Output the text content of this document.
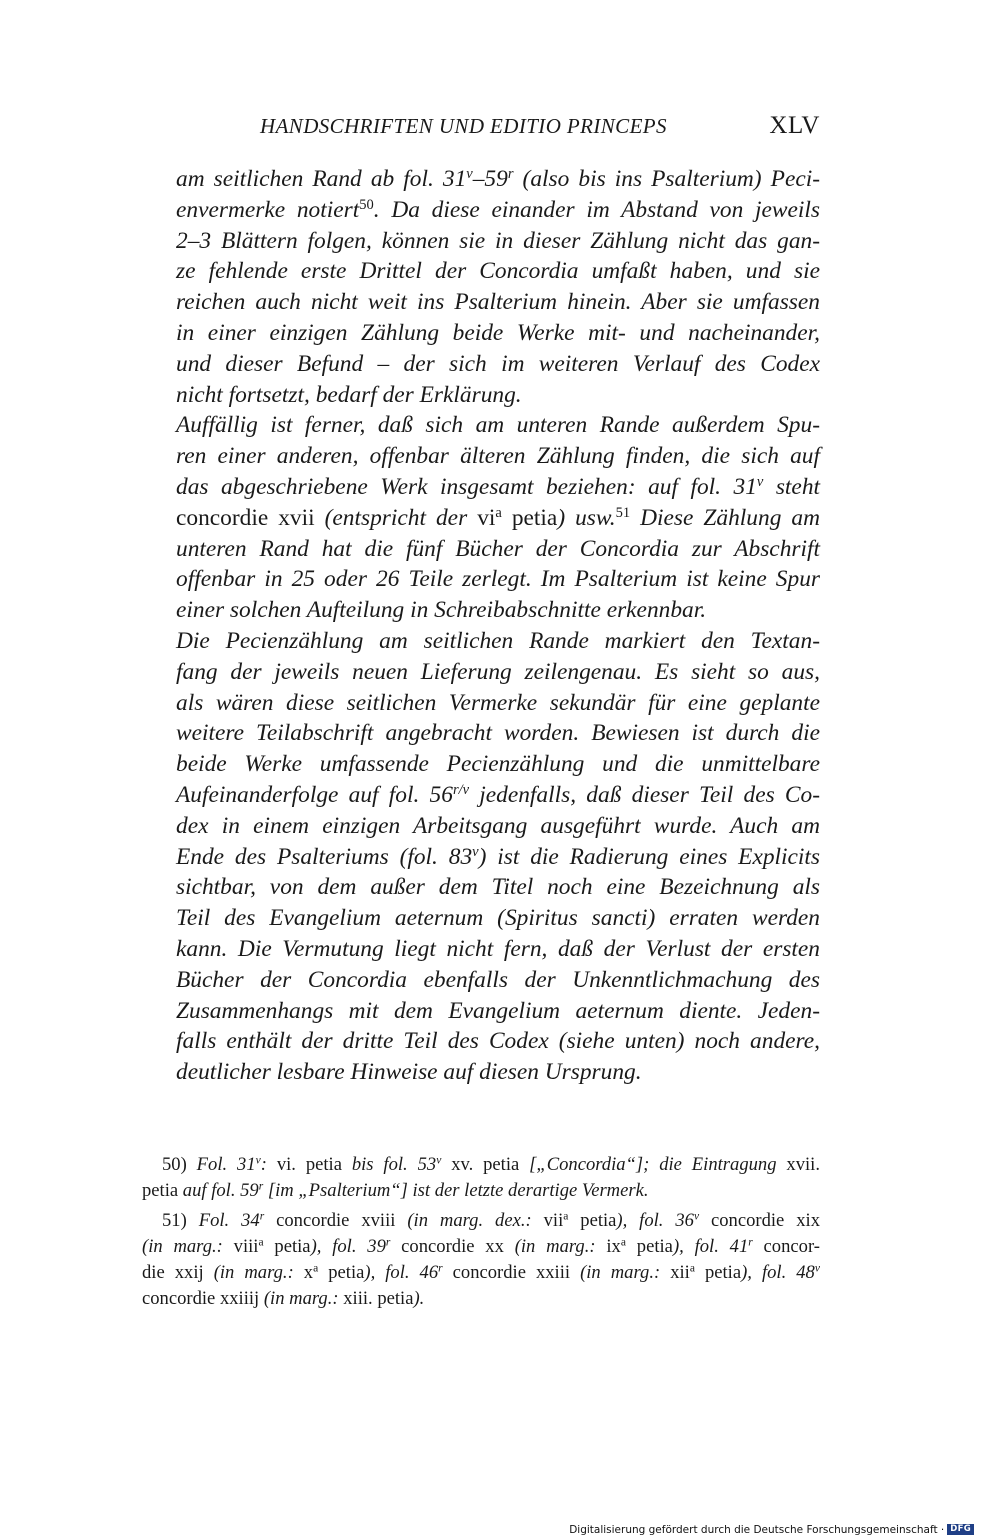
HANDSCHRIFTEN UND EDITIO PRINCEPS	XLV
am seitlichen Rand ab fol. 31$^v$–59$^r$ (also bis ins Psalterium) Peci-
envermerke notiert$^{50}$. Da diese einander im Abstand von jeweils
2–3 Blättern folgen, können sie in dieser Zählung nicht das gan-
ze fehlende erste Drittel der Concordia umfaßt haben, und sie
reichen auch nicht weit ins Psalterium hinein. Aber sie umfassen
in einer einzigen Zählung beide Werke mit- und nacheinander,
und dieser Befund – der sich im weiteren Verlauf des Codex
nicht fortsetzt, bedarf der Erklärung.
Auffällig ist ferner, daß sich am unteren Rande außerdem Spu-
ren einer anderen, offenbar älteren Zählung finden, die sich auf
das abgeschriebene Werk insgesamt beziehen: auf fol. 31$^v$ steht
concordie xvii (entspricht der $vi^a$ petia) usw.$^{51}$ Diese Zählung am
unteren Rand hat die fünf Bücher der Concordia zur Abschrift
offenbar in 25 oder 26 Teile zerlegt. Im Psalterium ist keine Spur
einer solchen Aufteilung in Schreibabschnitte erkennbar.
Die Pecienzählung am seitlichen Rande markiert den Textan-
fang der jeweils neuen Lieferung zeilengenau. Es sieht so aus,
als wären diese seitlichen Vermerke sekundär für eine geplante
weitere Teilabschrift angebracht worden. Bewiesen ist durch die
beide Werke umfassende Pecienzählung und die unmittelbare
Aufeinanderfolge auf fol. $56^{r/v}$ jedenfalls, daß dieser Teil des Co-
dex in einem einzigen Arbeitsgang ausgeführt wurde. Auch am
Ende des Psalteriums (fol. 83$^v$) ist die Radierung eines Explicits
sichtbar, von dem außer dem Titel noch eine Bezeichnung als
Teil des Evangelium aeternum (Spiritus sancti) erraten werden
kann. Die Vermutung liegt nicht fern, daß der Verlust der ersten
Bücher der Concordia ebenfalls der Unkenntlichmachung des
Zusammenhangs mit dem Evangelium aeternum diente. Jeden-
falls enthält der dritte Teil des Codex (siehe unten) noch andere,
deutlicher lesbare Hinweise auf diesen Ursprung.
50) Fol. 31$^v$: vi. petia bis fol. 53$^v$ xv. petia [„Concordia“]; die Eintragung xvii.
petia auf fol. 59$^r$ [im „Psalterium“] ist der letzte derartige Vermerk.
51) Fol. 34$^r$ concordie xviii (in marg. dex.: vii$^a$ petia), fol. 36$^v$ concordie xix
(in marg.: viii$^a$ petia), fol. 39$^r$ concordie xx (in marg.: $ix^a$ petia), fol. 41$^r$ concor-
die xxij (in marg.: $x^a$ petia), fol. 46$^r$ concordie xxiii (in marg.: xii$^a$ petia), fol. 48$^v$
concordie xxiiij (in marg.: xiii. petia).
Digitalisierung gefördert durch die Deutsche Forschungsgemeinschaft · DFG
